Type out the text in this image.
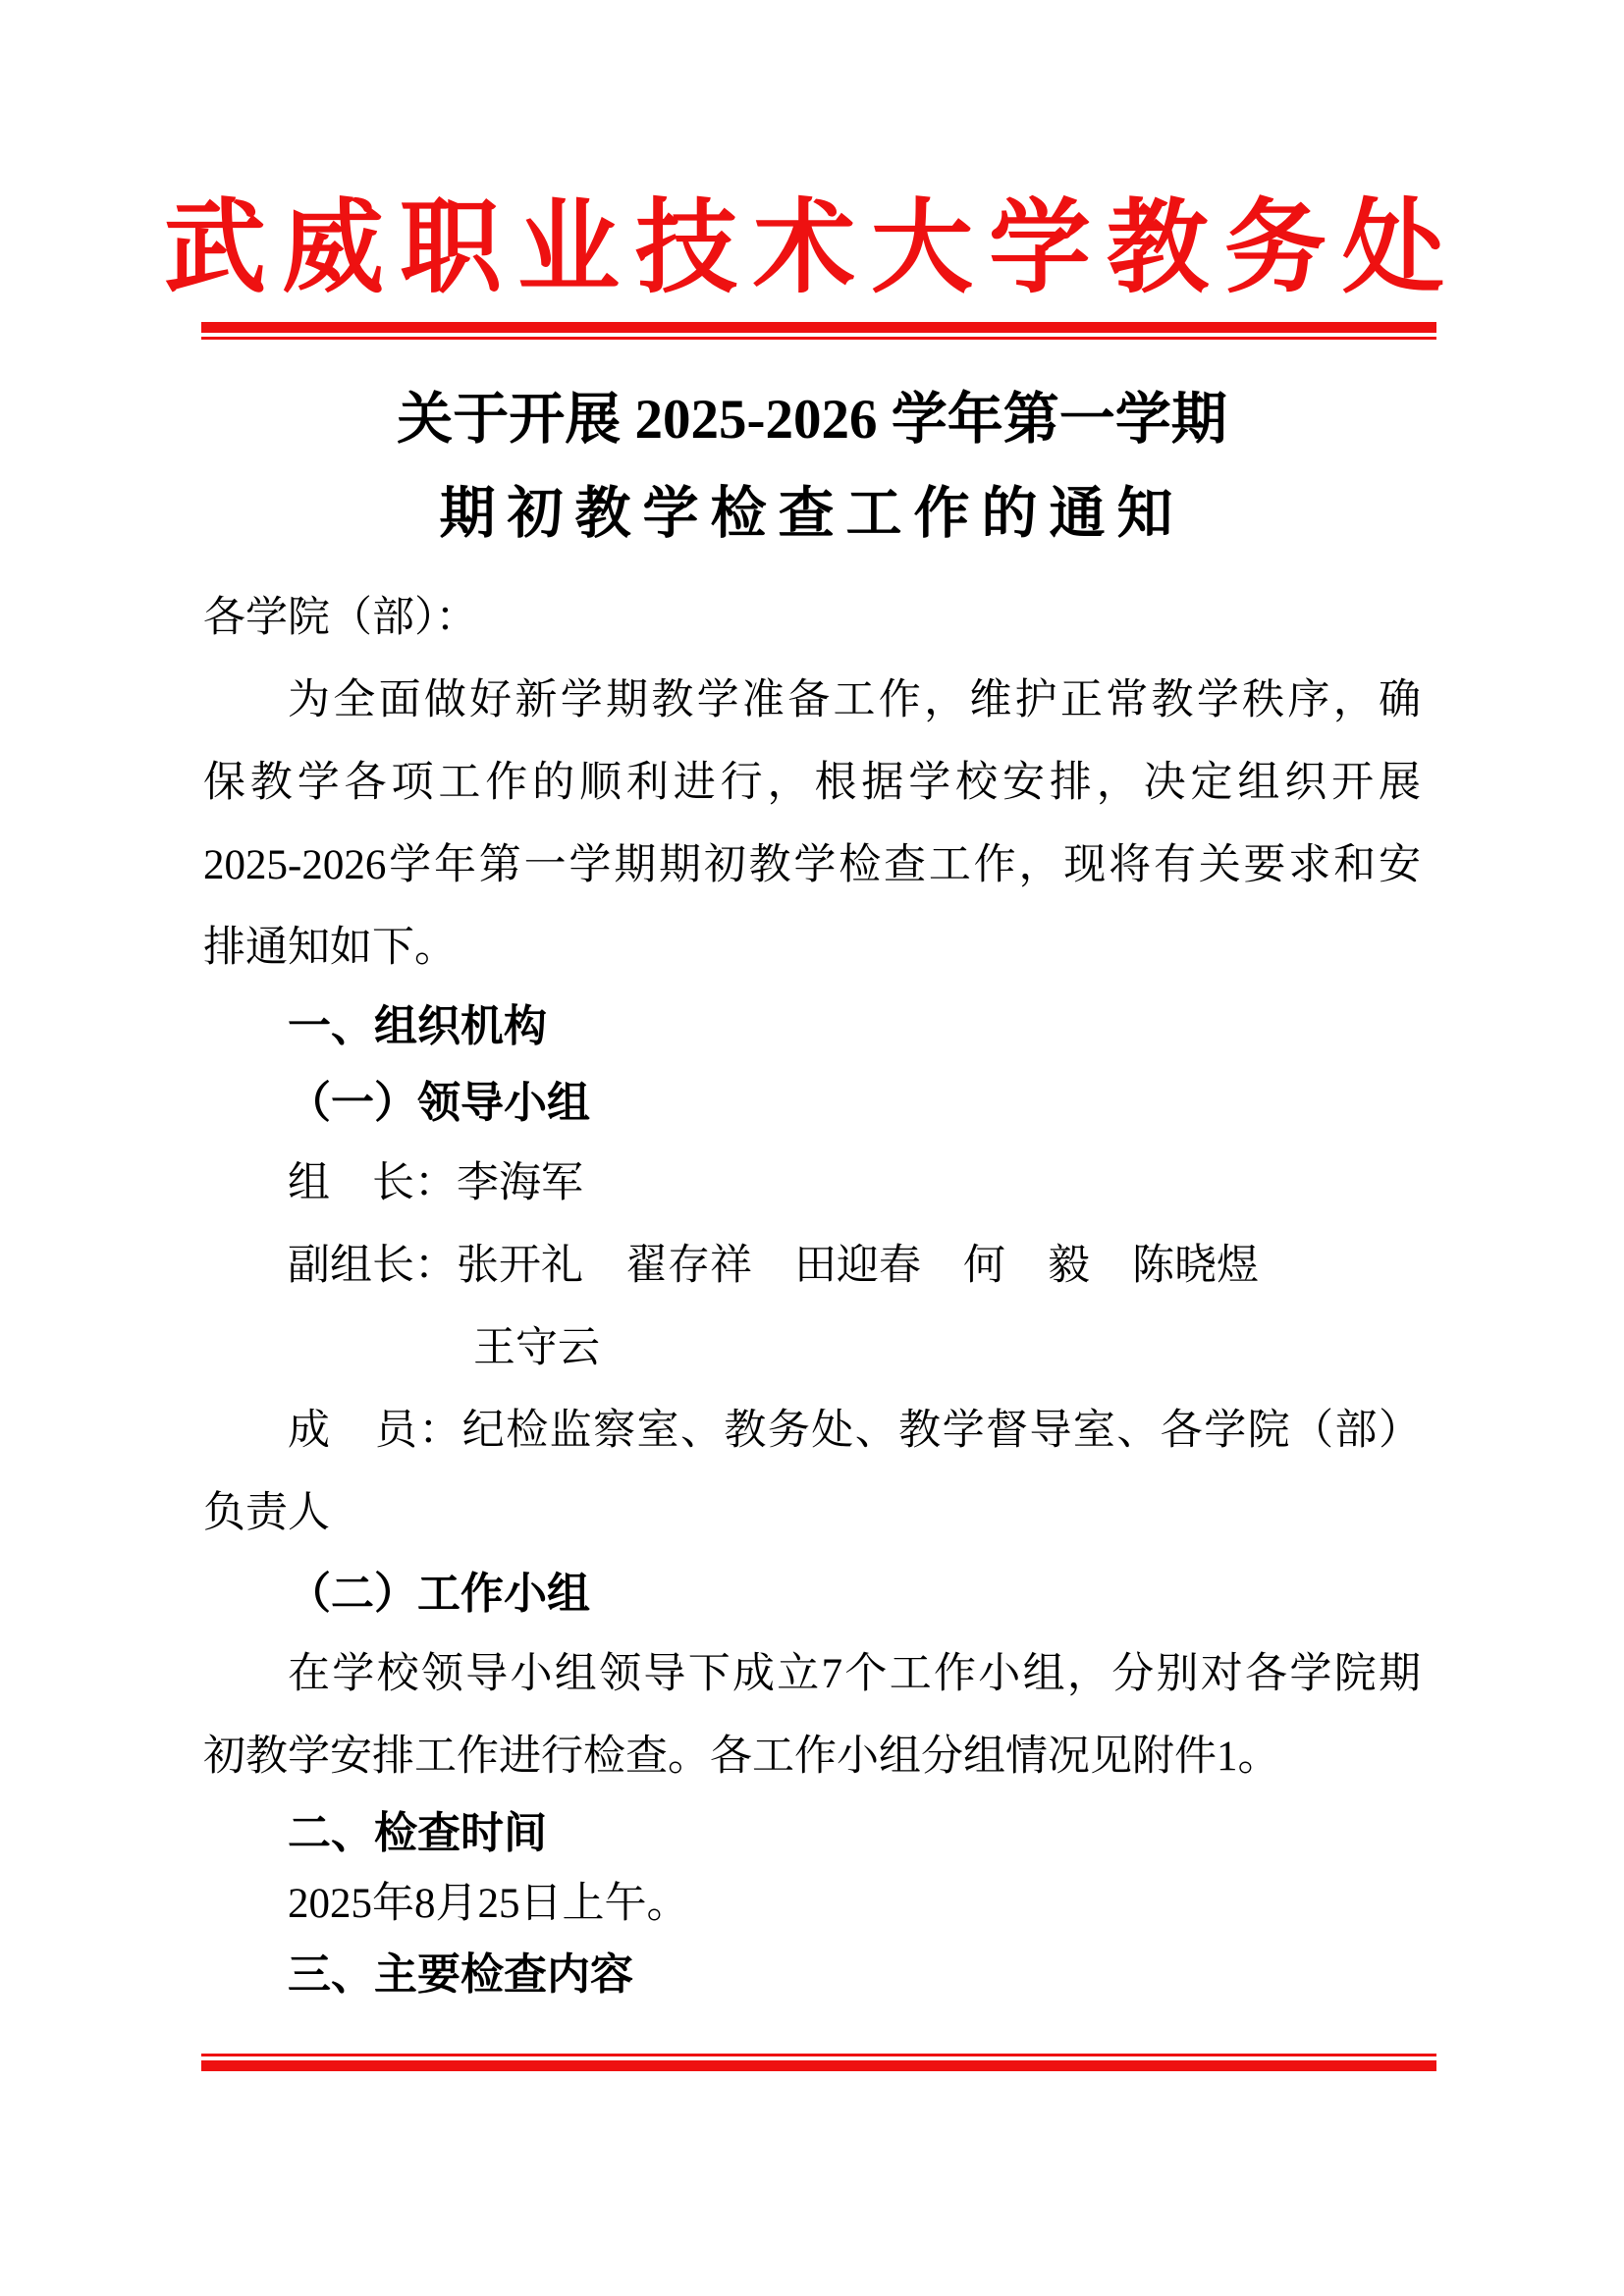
武威职业技术大学教务处
关于开展 2025-2026 学年第一学期
期初教学检查工作的通知
各学院（部）：
为全面做好新学期教学准备工作，维护正常教学秩序，确
保教学各项工作的顺利进行，根据学校安排，决定组织开展
2025-2026学年第一学期期初教学检查工作，现将有关要求和安
排通知如下。
一、组织机构
（一）领导小组
组　长：李海军
副组长：张开礼　翟存祥　田迎春　何　毅　陈晓煜
王守云
成　员：纪检监察室、教务处、教学督导室、各学院（部）
负责人
（二）工作小组
在学校领导小组领导下成立7个工作小组，分别对各学院期
初教学安排工作进行检查。各工作小组分组情况见附件1。
二、检查时间
2025年8月25日上午。
三、主要检查内容
